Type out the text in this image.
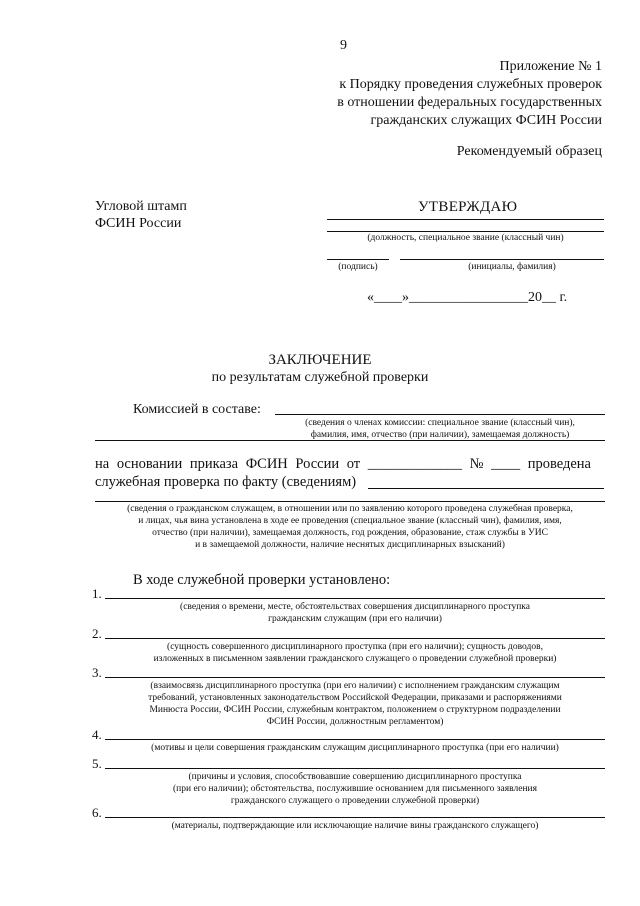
9
Приложение № 1
к Порядку проведения служебных проверок
в отношении федеральных государственных
гражданских служащих ФСИН России
Рекомендуемый образец
Угловой штамп
ФСИН России
УТВЕРЖДАЮ
(должность, специальное звание (классный чин)
(подпись)	(инициалы, фамилия)
«____»_________________20__ г.
ЗАКЛЮЧЕНИЕ
по результатам служебной проверки
Комиссией в составе:
(сведения о членах комиссии: специальное звание (классный чин),
фамилия, имя, отчество (при наличии), замещаемая должность)
на основании приказа ФСИН России от _____________ № ____ проведена
служебная проверка по факту (сведениям)
(сведения о гражданском служащем, в отношении или по заявлению которого проведена служебная проверка,
и лицах, чья вина установлена в ходе ее проведения (специальное звание (классный чин), фамилия, имя,
отчество (при наличии), замещаемая должность, год рождения, образование, стаж службы в УИС
и в замещаемой должности, наличие неснятых дисциплинарных взысканий)
В ходе служебной проверки установлено:
1.
(сведения о времени, месте, обстоятельствах совершения дисциплинарного проступка
гражданским служащим (при его наличии)
2.
(сущность совершенного дисциплинарного проступка (при его наличии); сущность доводов,
изложенных в письменном заявлении гражданского служащего о проведении служебной проверки)
3.
(взаимосвязь дисциплинарного проступка (при его наличии) с исполнением гражданским служащим
требований, установленных законодательством Российской Федерации, приказами и распоряжениями
Минюста России, ФСИН России, служебным контрактом, положением о структурном подразделении
ФСИН России, должностным регламентом)
4.
(мотивы и цели совершения гражданским служащим дисциплинарного проступка (при его наличии)
5.
(причины и условия, способствовавшие совершению дисциплинарного проступка
(при его наличии); обстоятельства, послужившие основанием для письменного заявления
гражданского служащего о проведении служебной проверки)
6.
(материалы, подтверждающие или исключающие наличие вины гражданского служащего)
